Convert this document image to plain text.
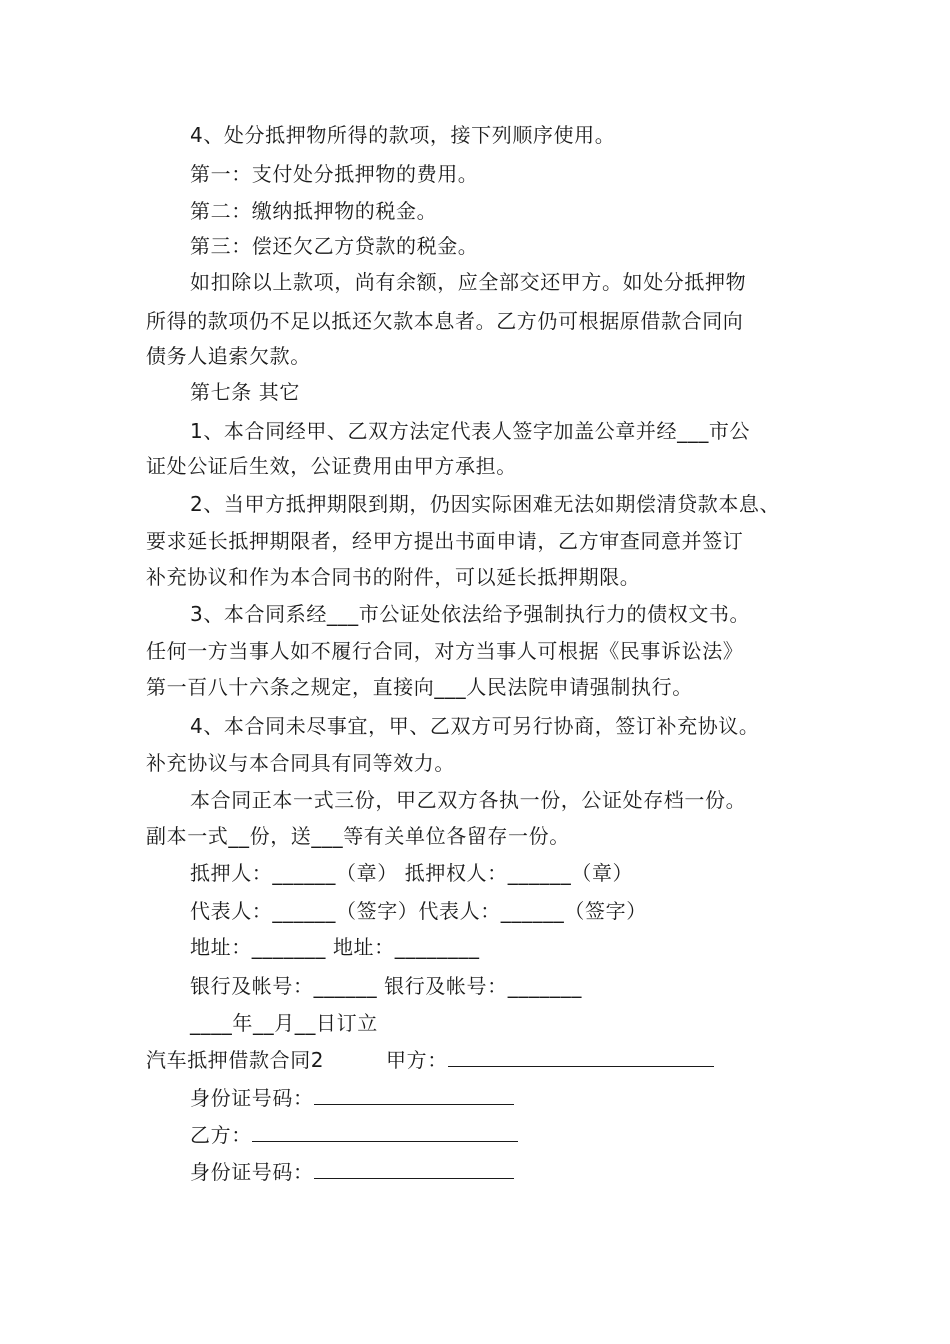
4、处分抵押物所得的款项，接下列顺序使用。
第一：支付处分抵押物的费用。
第二：缴纳抵押物的税金。
第三：偿还欠乙方贷款的税金。
如扣除以上款项，尚有余额，应全部交还甲方。如处分抵押物
所得的款项仍不足以抵还欠款本息者。乙方仍可根据原借款合同向
债务人追索欠款。
第七条 其它
1、本合同经甲、乙双方法定代表人签字加盖公章并经___市公
证处公证后生效，公证费用由甲方承担。
2、当甲方抵押期限到期，仍因实际困难无法如期偿清贷款本息、
要求延长抵押期限者，经甲方提出书面申请，乙方审查同意并签订
补充协议和作为本合同书的附件，可以延长抵押期限。
3、本合同系经___市公证处依法给予强制执行力的债权文书。
任何一方当事人如不履行合同，对方当事人可根据《民事诉讼法》
第一百八十六条之规定，直接向___人民法院申请强制执行。
4、本合同未尽事宜，甲、乙双方可另行协商，签订补充协议。
补充协议与本合同具有同等效力。
本合同正本一式三份，甲乙双方各执一份，公证处存档一份。
副本一式__份，送___等有关单位各留存一份。
抵押人：______（章） 抵押权人：______（章）
代表人：______（签字）代表人：______（签字）
地址：_______ 地址：________
银行及帐号：______ 银行及帐号：_______
____年__月__日订立
汽车抵押借款合同2	甲方：
身份证号码：
乙方：
身份证号码：
